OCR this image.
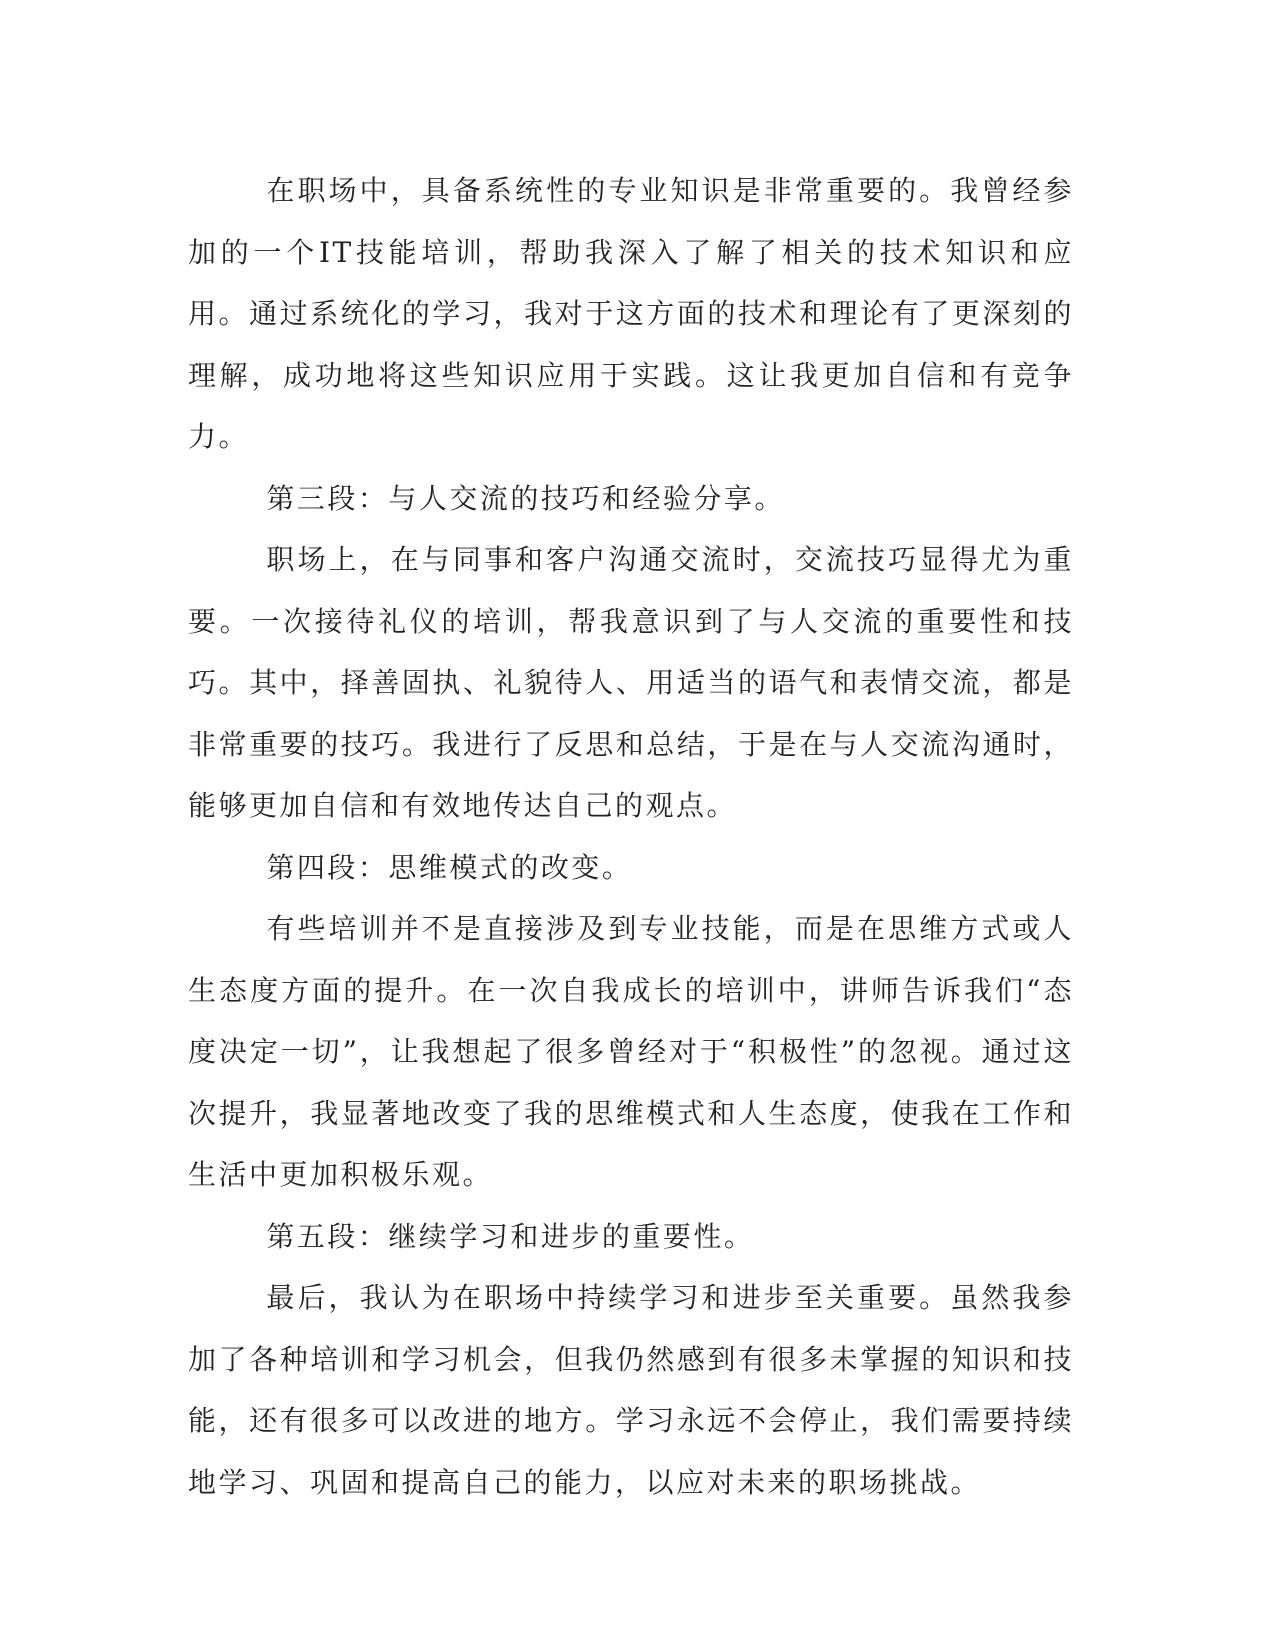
在职场中，具备系统性的专业知识是非常重要的。我曾经参加的一个IT技能培训，帮助我深入了解了相关的技术知识和应用。通过系统化的学习，我对于这方面的技术和理论有了更深刻的理解，成功地将这些知识应用于实践。这让我更加自信和有竞争力。

第三段：与人交流的技巧和经验分享。

职场上，在与同事和客户沟通交流时，交流技巧显得尤为重要。一次接待礼仪的培训，帮我意识到了与人交流的重要性和技巧。其中，择善固执、礼貌待人、用适当的语气和表情交流，都是非常重要的技巧。我进行了反思和总结，于是在与人交流沟通时，能够更加自信和有效地传达自己的观点。

第四段：思维模式的改变。

有些培训并不是直接涉及到专业技能，而是在思维方式或人生态度方面的提升。在一次自我成长的培训中，讲师告诉我们“态度决定一切”，让我想起了很多曾经对于“积极性”的忽视。通过这次提升，我显著地改变了我的思维模式和人生态度，使我在工作和生活中更加积极乐观。

第五段：继续学习和进步的重要性。

最后，我认为在职场中持续学习和进步至关重要。虽然我参加了各种培训和学习机会，但我仍然感到有很多未掌握的知识和技能，还有很多可以改进的地方。学习永远不会停止，我们需要持续地学习、巩固和提高自己的能力，以应对未来的职场挑战。
